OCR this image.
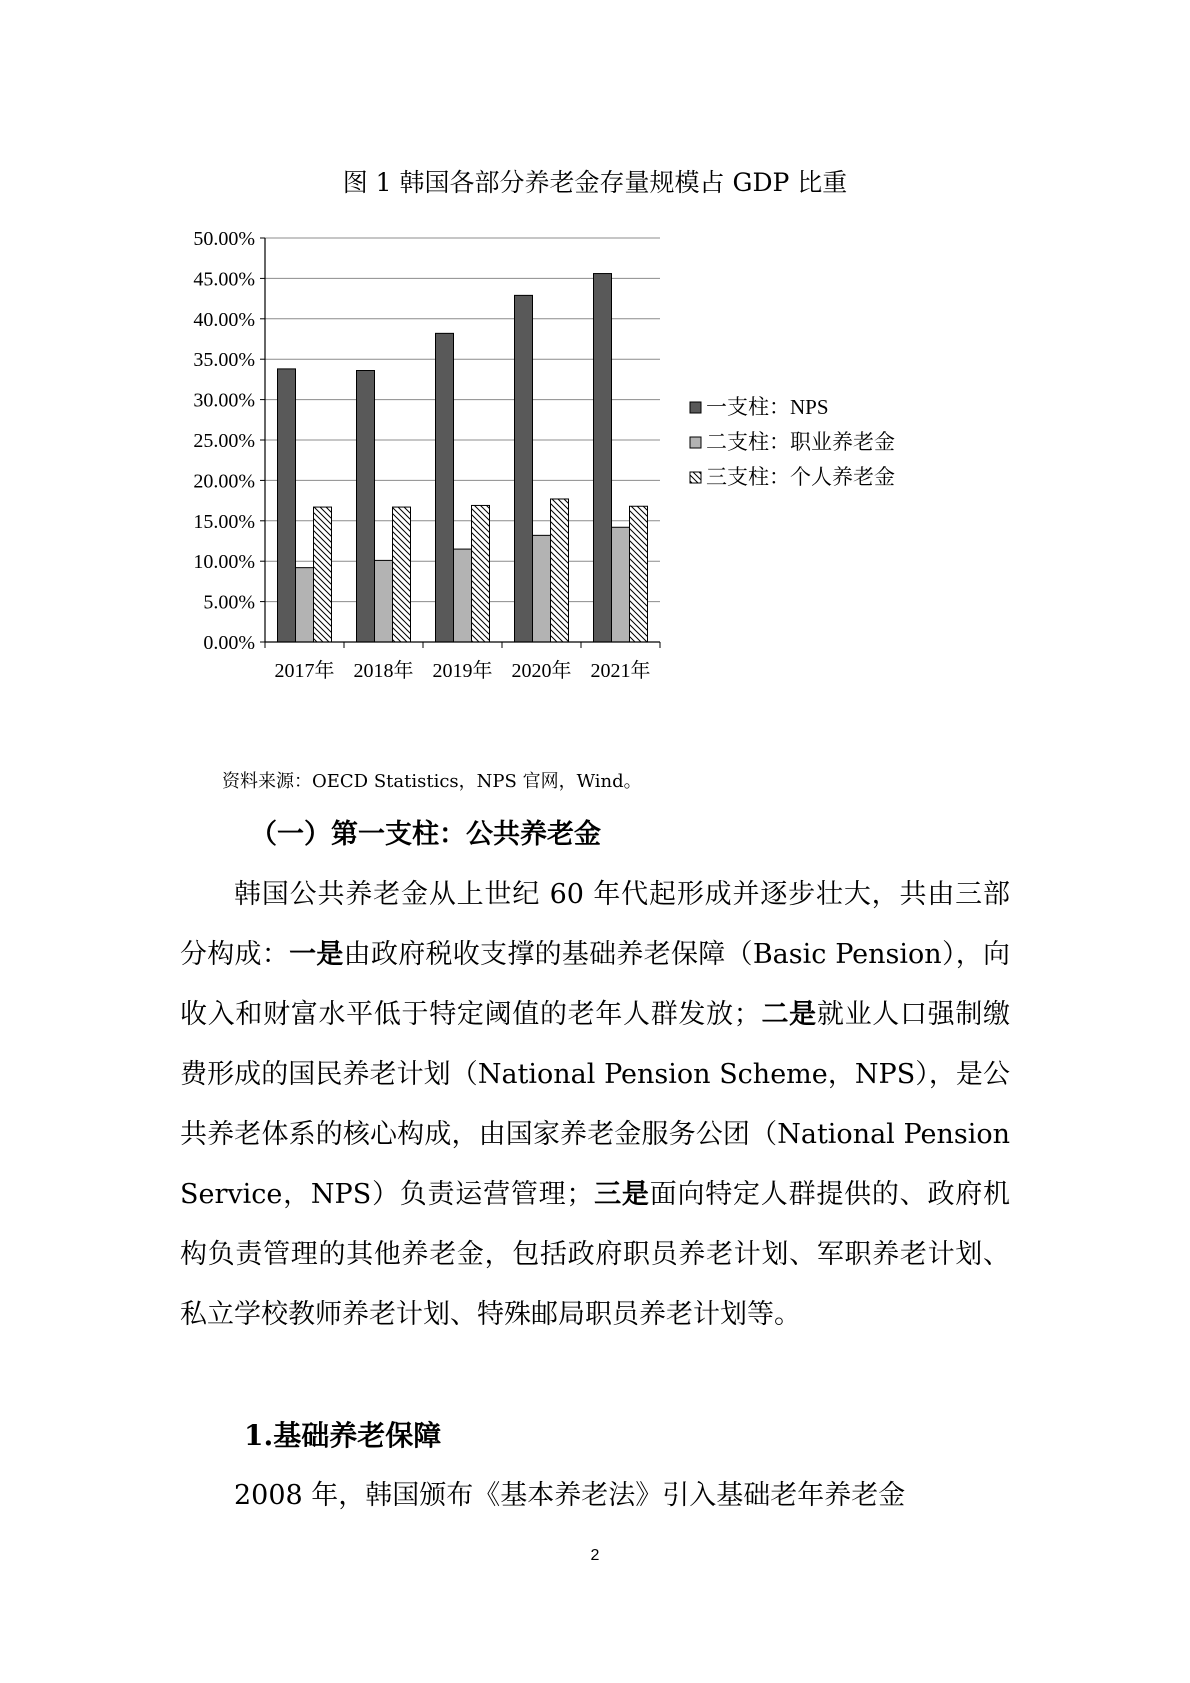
图 1 韩国各部分养老金存量规模占 GDP 比重
0.00%
5.00%
10.00%
15.00%
20.00%
25.00%
30.00%
35.00%
40.00%
45.00%
50.00%
2017年 2018年 2019年 2020年 2021年
一支柱：NPS
二支柱：职业养老金
三支柱：个人养老金
资料来源：OECD Statistics，NPS 官网，Wind。
（一）第一支柱：公共养老金

韩国公共养老金从上世纪 60 年代起形成并逐步壮大，共由三部分构成：一是由政府税收支撑的基础养老保障（Basic Pension），向收入和财富水平低于特定阈值的老年人群发放；二是就业人口强制缴费形成的国民养老计划（National Pension Scheme，NPS），是公共养老体系的核心构成，由国家养老金服务公团（National Pension Service，NPS）负责运营管理；三是面向特定人群提供的、政府机构负责管理的其他养老金，包括政府职员养老计划、军职养老计划、私立学校教师养老计划、特殊邮局职员养老计划等。

1.基础养老保障

2008 年，韩国颁布《基本养老法》引入基础老年养老金

2
